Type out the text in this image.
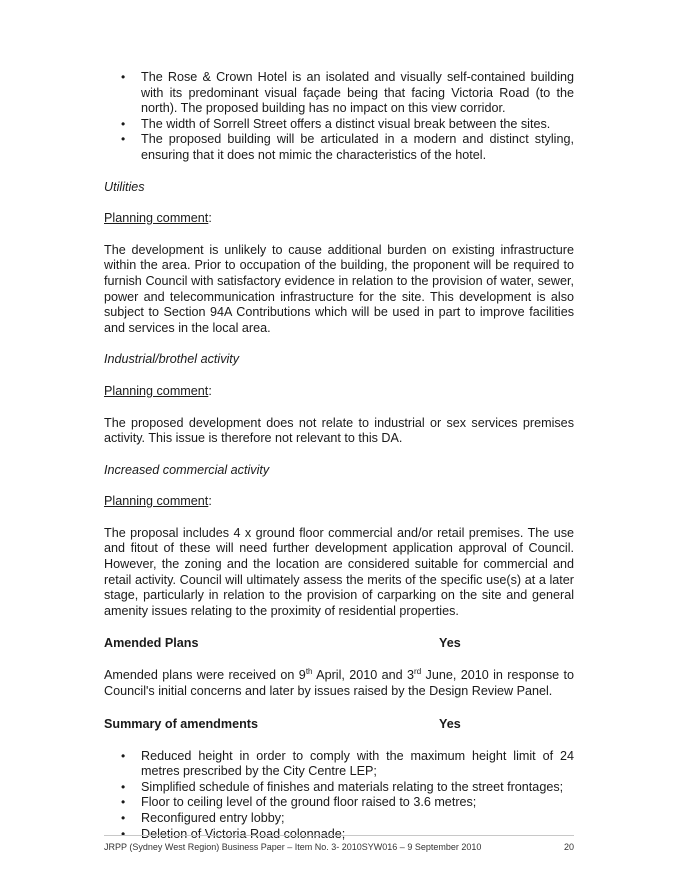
• The Rose & Crown Hotel is an isolated and visually self-contained building with its predominant visual façade being that facing Victoria Road (to the north). The proposed building has no impact on this view corridor.
• The width of Sorrell Street offers a distinct visual break between the sites.
• The proposed building will be articulated in a modern and distinct styling, ensuring that it does not mimic the characteristics of the hotel.

Utilities

Planning comment:

The development is unlikely to cause additional burden on existing infrastructure within the area. Prior to occupation of the building, the proponent will be required to furnish Council with satisfactory evidence in relation to the provision of water, sewer, power and telecommunication infrastructure for the site. This development is also subject to Section 94A Contributions which will be used in part to improve facilities and services in the local area.

Industrial/brothel activity

Planning comment:

The proposed development does not relate to industrial or sex services premises activity. This issue is therefore not relevant to this DA.

Increased commercial activity

Planning comment:

The proposal includes 4 x ground floor commercial and/or retail premises. The use and fitout of these will need further development application approval of Council. However, the zoning and the location are considered suitable for commercial and retail activity. Council will ultimately assess the merits of the specific use(s) at a later stage, particularly in relation to the provision of carparking on the site and general amenity issues relating to the proximity of residential properties.

Amended Plans	Yes

Amended plans were received on 9th April, 2010 and 3rd June, 2010 in response to Council's initial concerns and later by issues raised by the Design Review Panel.

Summary of amendments	Yes
• Reduced height in order to comply with the maximum height limit of 24 metres prescribed by the City Centre LEP;
• Simplified schedule of finishes and materials relating to the street frontages;
• Floor to ceiling level of the ground floor raised to 3.6 metres;
• Reconfigured entry lobby;
• Deletion of Victoria Road colonnade;
JRPP (Sydney West Region) Business Paper – Item No. 3- 2010SYW016 – 9 September 2010	20
